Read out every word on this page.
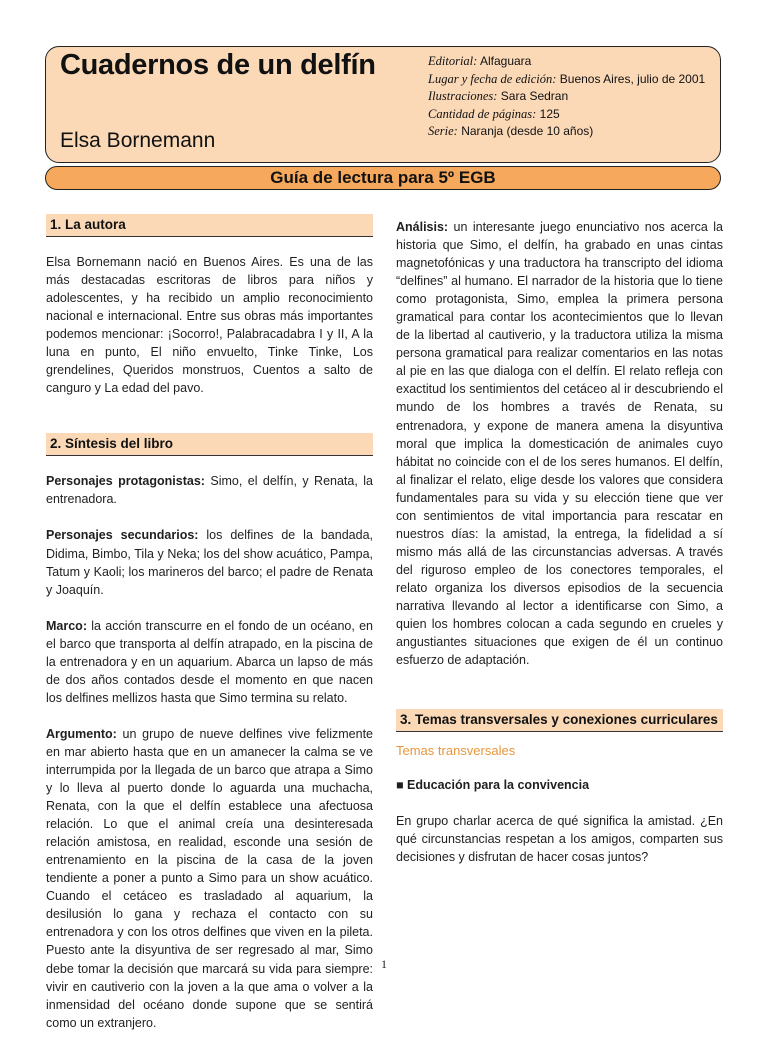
Cuadernos de un delfín
Elsa Bornemann
Editorial: Alfaguara
Lugar y fecha de edición: Buenos Aires, julio de 2001
Ilustraciones: Sara Sedran
Cantidad de páginas: 125
Serie: Naranja (desde 10 años)
Guía de lectura para 5º EGB
1. La autora

Elsa Bornemann nació en Buenos Aires. Es una de las más destacadas escritoras de libros para niños y adolescentes, y ha recibido un amplio reconocimiento nacional e internacional. Entre sus obras más importantes podemos mencionar: ¡Socorro!, Palabracadabra I y II, A la luna en punto, El niño envuelto, Tinke Tinke, Los grendelines, Queridos monstruos, Cuentos a salto de canguro y La edad del pavo.

2. Síntesis del libro

Personajes protagonistas: Simo, el delfín, y Renata, la entrenadora.

Personajes secundarios: los delfines de la bandada, Didima, Bimbo, Tila y Neka; los del show acuático, Pampa, Tatum y Kaoli; los marineros del barco; el padre de Renata y Joaquín.

Marco: la acción transcurre en el fondo de un océano, en el barco que transporta al delfín atrapado, en la piscina de la entrenadora y en un aquarium. Abarca un lapso de más de dos años contados desde el momento en que nacen los delfines mellizos hasta que Simo termina su relato.

Argumento: un grupo de nueve delfines vive felizmente en mar abierto hasta que en un amanecer la calma se ve interrumpida por la llegada de un barco que atrapa a Simo y lo lleva al puerto donde lo aguarda una muchacha, Renata, con la que el delfín establece una afectuosa relación. Lo que el animal creía una desinteresada relación amistosa, en realidad, esconde una sesión de entrenamiento en la piscina de la casa de la joven tendiente a poner a punto a Simo para un show acuático. Cuando el cetáceo es trasladado al aquarium, la desilusión lo gana y rechaza el contacto con su entrenadora y con los otros delfines que viven en la pileta. Puesto ante la disyuntiva de ser regresado al mar, Simo debe tomar la decisión que marcará su vida para siempre: vivir en cautiverio con la joven a la que ama o volver a la inmensidad del océano donde supone que se sentirá como un extranjero.

Análisis: un interesante juego enunciativo nos acerca la historia que Simo, el delfín, ha grabado en unas cintas magnetofónicas y una traductora ha transcripto del idioma “delfines” al humano. El narrador de la historia que lo tiene como protagonista, Simo, emplea la primera persona gramatical para contar los acontecimientos que lo llevan de la libertad al cautiverio, y la traductora utiliza la misma persona gramatical para realizar comentarios en las notas al pie en las que dialoga con el delfín. El relato refleja con exactitud los sentimientos del cetáceo al ir descubriendo el mundo de los hombres a través de Renata, su entrenadora, y expone de manera amena la disyuntiva moral que implica la domesticación de animales cuyo hábitat no coincide con el de los seres humanos. El delfín, al finalizar el relato, elige desde los valores que considera fundamentales para su vida y su elección tiene que ver con sentimientos de vital importancia para rescatar en nuestros días: la amistad, la entrega, la fidelidad a sí mismo más allá de las circunstancias adversas. A través del riguroso empleo de los conectores temporales, el relato organiza los diversos episodios de la secuencia narrativa llevando al lector a identificarse con Simo, a quien los hombres colocan a cada segundo en crueles y angustiantes situaciones que exigen de él un continuo esfuerzo de adaptación.

3. Temas transversales y conexiones curriculares
Temas transversales
■ Educación para la convivencia

En grupo charlar acerca de qué significa la amistad. ¿En qué circunstancias respetan a los amigos, comparten sus decisiones y disfrutan de hacer cosas juntos?

1
